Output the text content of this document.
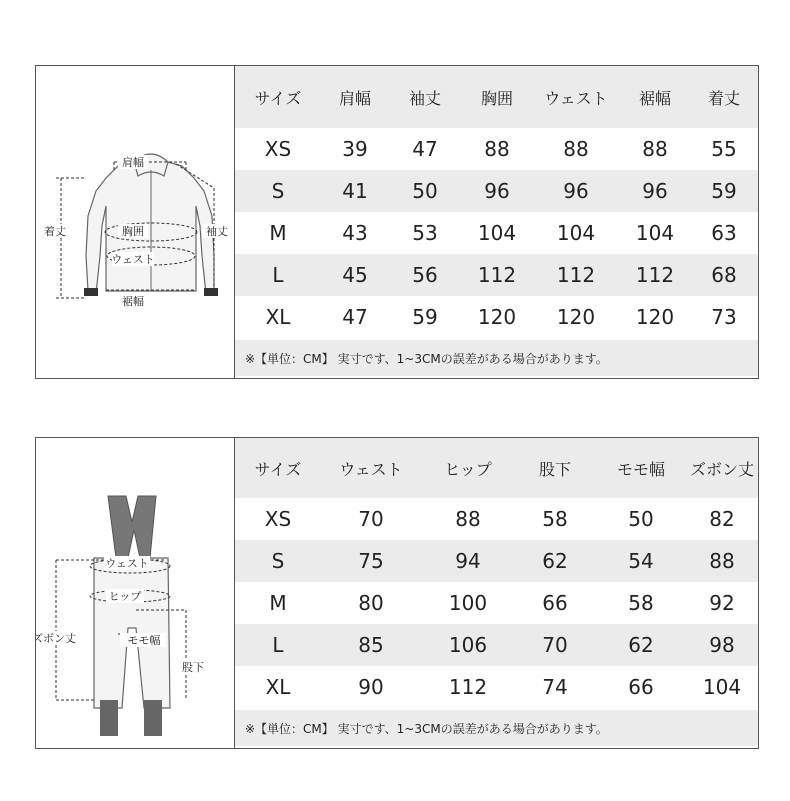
肩幅
着丈	袖丈
胸囲
ウェスト
裾幅
サイズ	肩幅	袖丈	胸囲	ウェスト	裾幅	着丈
XS	39	47	88	88	88	55
S	41	50	96	96	96	59
M	43	53	104	104	104	63
L	45	56	112	112	112	68
XL	47	59	120	120	120	73
※【単位：CM】 実寸です、1~3CMの誤差がある場合があります。
ウェスト
ヒップ
ズボン丈	モモ幅
股下
サイズ	ウェスト	ヒップ	股下	モモ幅	ズボン丈
XS	70	88	58	50	82
S	75	94	62	54	88
M	80	100	66	58	92
L	85	106	70	62	98
XL	90	112	74	66	104
※【単位：CM】 実寸です、1~3CMの誤差がある場合があります。
